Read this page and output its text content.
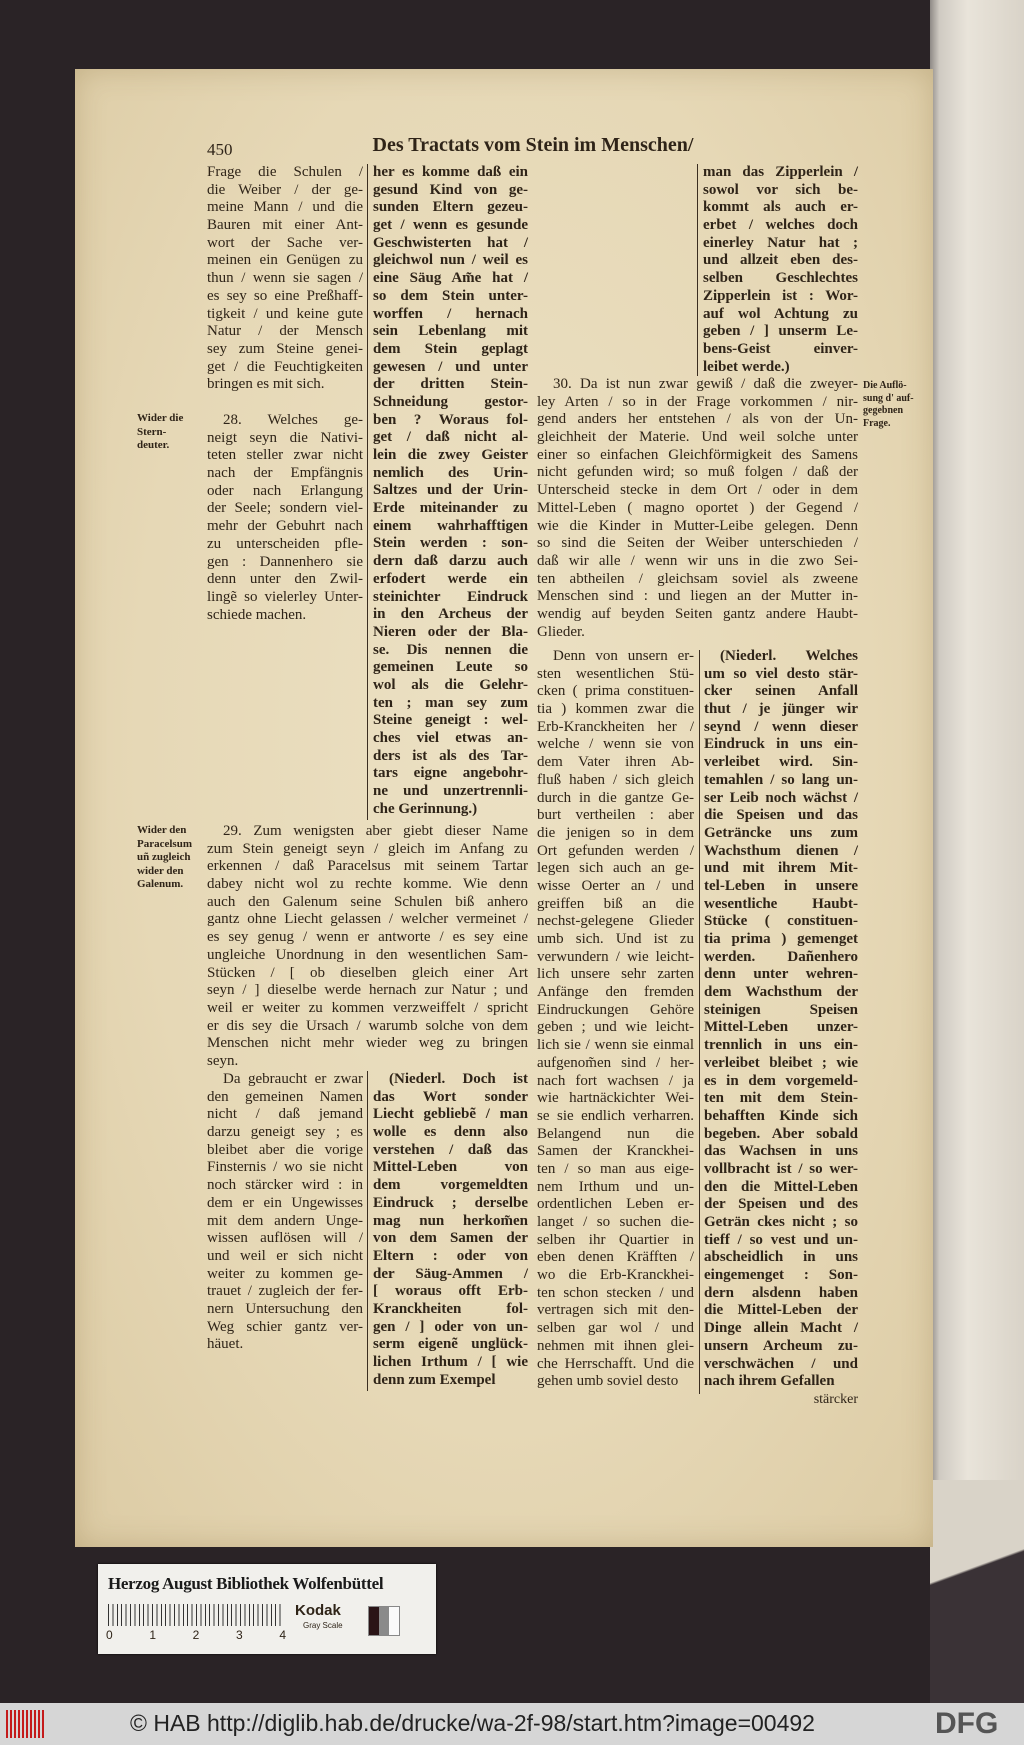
450	Des Tractats vom Stein im Menschen/
Frage die Schulen /
die Weiber / der ge-
meine Mann / und die
Bauren mit einer Ant-
wort der Sache ver-
meinen ein Genügen zu
thun / wenn sie sagen /
es sey so eine Preßhaff-
tigkeit / und keine gute
Natur / der Mensch
sey zum Steine genei-
get / die Feuchtigkeiten
bringen es mit sich.
28. Welches ge-
neigt seyn die Nativi-
teten steller zwar nicht
nach der Empfängnis
oder nach Erlangung
der Seele; sondern viel-
mehr der Gebuhrt nach
zu unterscheiden pfle-
gen : Dannenhero sie
denn unter den Zwil-
lingẽ so vielerley Unter-
schiede machen.
her es komme daß ein
gesund Kind von ge-
sunden Eltern gezeu-
get / wenn es gesunde
Geschwisterten hat /
gleichwol nun / weil es
eine Säug Am̃e hat /
so dem Stein unter-
worffen / hernach
sein Lebenlang mit
dem Stein geplagt
gewesen / und unter
der dritten Stein-
Schneidung gestor-
ben ? Woraus fol-
get / daß nicht al-
lein die zwey Geister
nemlich des Urin-
Saltzes und der Urin-
Erde miteinander zu
einem wahrhafftigen
Stein werden : son-
dern daß darzu auch
erfodert werde ein
steinichter Eindruck
in den Archeus der
Nieren oder der Bla-
se. Dis nennen die
gemeinen Leute so
wol als die Gelehr-
ten ; man sey zum
Steine geneigt : wel-
ches viel etwas an-
ders ist als des Tar-
tars eigne angebohr-
ne und unzertrennli-
che Gerinnung.)
man das Zipperlein /
sowol vor sich be-
kommt als auch er-
erbet / welches doch
einerley Natur hat ;
und allzeit eben des-
selben Geschlechtes
Zipperlein ist : Wor-
auf wol Achtung zu
geben / ] unserm Le-
bens-Geist einver-
leibet werde.)
30. Da ist nun zwar gewiß / daß die zweyer-
ley Arten / so in der Frage vorkommen / nir-
gend anders her entstehen / als von der Un-
gleichheit der Materie. Und weil solche unter
einer so einfachen Gleichförmigkeit des Samens
nicht gefunden wird; so muß folgen / daß der
Unterscheid stecke in dem Ort / oder in dem
Mittel-Leben ( magno oportet ) der Gegend /
wie die Kinder in Mutter-Leibe gelegen. Denn
so sind die Seiten der Weiber unterschieden /
daß wir alle / wenn wir uns in die zwo Sei-
ten abtheilen / gleichsam soviel als zweene
Menschen sind : und liegen an der Mutter in-
wendig auf beyden Seiten gantz andere Haubt-
Glieder.
Denn von unsern er-
sten wesentlichen Stü-
cken ( prima constituen-
tia ) kommen zwar die
Erb-Kranckheiten her /
welche / wenn sie von
dem Vater ihren Ab-
fluß haben / sich gleich
durch in die gantze Ge-
burt vertheilen : aber
die jenigen so in dem
Ort gefunden werden /
legen sich auch an ge-
wisse Oerter an / und
greiffen biß an die
nechst-gelegene Glieder
umb sich. Und ist zu
verwundern / wie leicht-
lich unsere sehr zarten
Anfänge den fremden
Eindruckungen Gehöre
geben ; und wie leicht-
lich sie / wenn sie einmal
aufgenom̃en sind / her-
nach fort wachsen / ja
wie hartnäckichter Wei-
se sie endlich verharren.
Belangend nun die
Samen der Kranckhei-
ten / so man aus eige-
nem Irthum und un-
ordentlichen Leben er-
langet / so suchen die-
selben ihr Quartier in
eben denen Kräfften /
wo die Erb-Kranckhei-
ten schon stecken / und
vertragen sich mit den-
selben gar wol / und
nehmen mit ihnen glei-
che Herrschafft. Und die
gehen umb soviel desto
(Niederl. Welches
um so viel desto stär-
cker seinen Anfall
thut / je jünger wir
seynd / wenn dieser
Eindruck in uns ein-
verleibet wird. Sin-
temahlen / so lang un-
ser Leib noch wächst /
die Speisen und das
Geträncke uns zum
Wachsthum dienen /
und mit ihrem Mit-
tel-Leben in unsere
wesentliche Haubt-
Stücke ( constituen-
tia prima ) gemenget
werden. Dañenhero
denn unter wehren-
dem Wachsthum der
steinigen Speisen
Mittel-Leben unzer-
trennlich in uns ein-
verleibet bleibet ; wie
es in dem vorgemeld-
ten mit dem Stein-
behafften Kinde sich
begeben. Aber sobald
das Wachsen in uns
vollbracht ist / so wer-
den die Mittel-Leben
der Speisen und des
Geträn ckes nicht ; so
tieff / so vest und un-
abscheidlich in uns
eingemenget : Son-
dern alsdenn haben
die Mittel-Leben der
Dinge allein Macht /
unsern Archeum zu-
verschwächen / und
nach ihrem Gefallen
stärcker
29. Zum wenigsten aber giebt dieser Name
zum Stein geneigt seyn / gleich im Anfang zu
erkennen / daß Paracelsus mit seinem Tartar
dabey nicht wol zu rechte komme. Wie denn
auch den Galenum seine Schulen biß anhero
gantz ohne Liecht gelassen / welcher vermeinet /
es sey genug / wenn er antworte / es sey eine
ungleiche Unordnung in den wesentlichen Sam-
Stücken / [ ob dieselben gleich einer Art
seyn / ] dieselbe werde hernach zur Natur ; und
weil er weiter zu kommen verzweiffelt / spricht
er dis sey die Ursach / warumb solche von dem
Menschen nicht mehr wieder weg zu bringen
seyn.
Da gebraucht er zwar
den gemeinen Namen
nicht / daß jemand
darzu geneigt sey ; es
bleibet aber die vorige
Finsternis / wo sie nicht
noch stärcker wird : in
dem er ein Ungewisses
mit dem andern Unge-
wissen auflösen will /
und weil er sich nicht
weiter zu kommen ge-
trauet / zugleich der fer-
nern Untersuchung den
Weg schier gantz ver-
häuet.
(Niederl. Doch ist
das Wort sonder
Liecht gebliebẽ / man
wolle es denn also
verstehen / daß das
Mittel-Leben von
dem vorgemeldten
Eindruck ; derselbe
mag nun herkom̃en
von dem Samen der
Eltern : oder von
der Säug-Ammen /
[ woraus offt Erb-
Kranckheiten fol-
gen / ] oder von un-
serm eigenẽ unglück-
lichen Irthum / [ wie
denn zum Exempel
Wider die
Stern-
deuter.
Wider den
Paracelsum
uñ zugleich
wider den
Galenum.
Die Auflö-
sung d' auf-
gegebnen
Frage.
Herzog August Bibliothek Wolfenbüttel
0	1	2	3	4
Kodak
Gray Scale
© HAB http://diglib.hab.de/drucke/wa-2f-98/start.htm?image=00492	DFG
